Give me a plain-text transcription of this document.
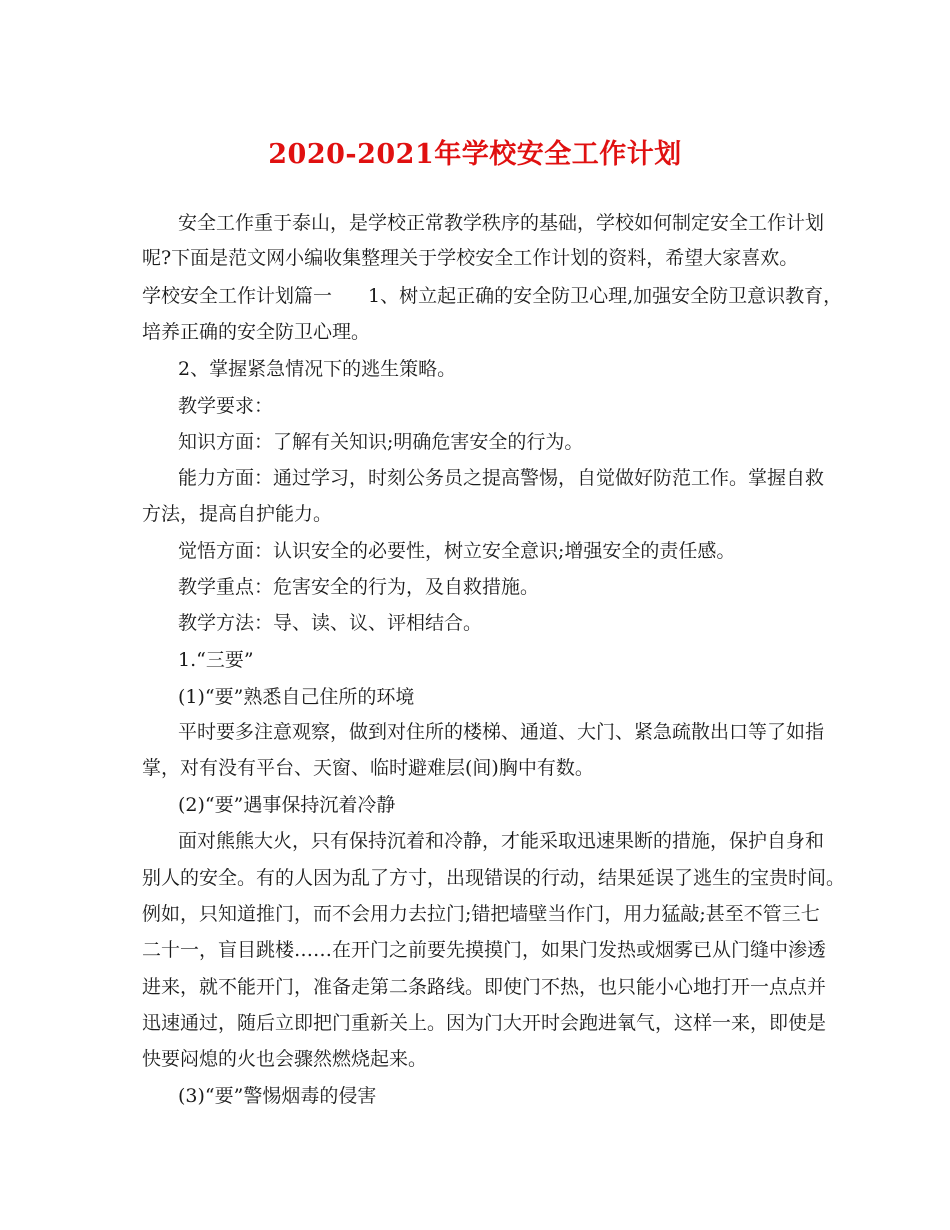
2020-2021年学校安全工作计划
安全工作重于泰山，是学校正常教学秩序的基础，学校如何制定安全工作计划
呢?下面是范文网小编收集整理关于学校安全工作计划的资料，希望大家喜欢。
学校安全工作计划篇一 1、树立起正确的安全防卫心理,加强安全防卫意识教育，
培养正确的安全防卫心理。
2、掌握紧急情况下的逃生策略。
教学要求：
知识方面：了解有关知识;明确危害安全的行为。
能力方面：通过学习，时刻公务员之提高警惕，自觉做好防范工作。掌握自救
方法，提高自护能力。
觉悟方面：认识安全的必要性，树立安全意识;增强安全的责任感。
教学重点：危害安全的行为，及自救措施。
教学方法：导、读、议、评相结合。
1.“三要”
(1)“要”熟悉自己住所的环境
平时要多注意观察，做到对住所的楼梯、通道、大门、紧急疏散出口等了如指
掌，对有没有平台、天窗、临时避难层(间)胸中有数。
(2)“要”遇事保持沉着冷静
面对熊熊大火，只有保持沉着和冷静，才能采取迅速果断的措施，保护自身和
别人的安全。有的人因为乱了方寸，出现错误的行动，结果延误了逃生的宝贵时间。
例如，只知道推门，而不会用力去拉门;错把墙壁当作门，用力猛敲;甚至不管三七
二十一，盲目跳楼……在开门之前要先摸摸门，如果门发热或烟雾已从门缝中渗透
进来，就不能开门，准备走第二条路线。即使门不热，也只能小心地打开一点点并
迅速通过，随后立即把门重新关上。因为门大开时会跑进氧气，这样一来，即使是
快要闷熄的火也会骤然燃烧起来。
(3)“要”警惕烟毒的侵害
